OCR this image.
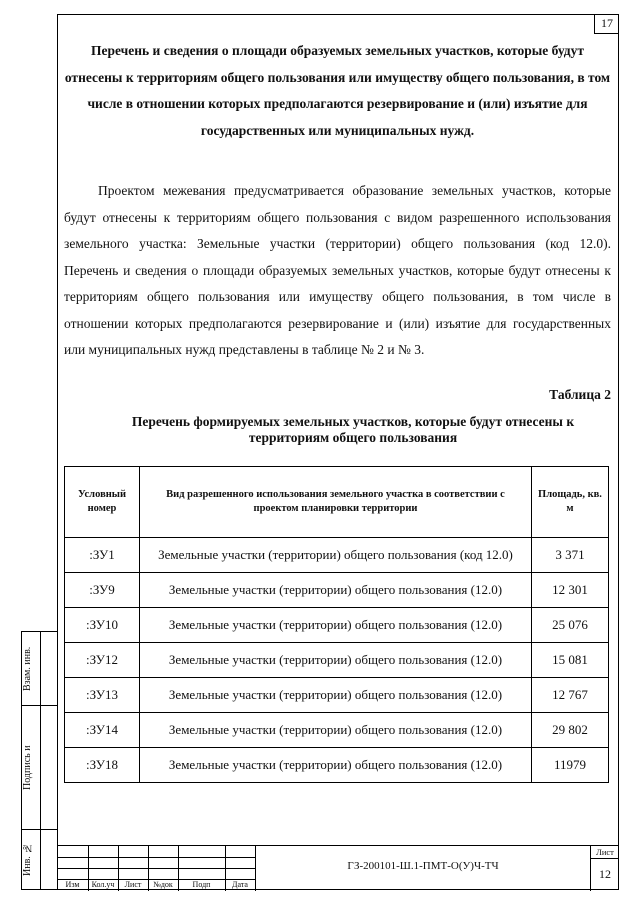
17
Перечень и сведения о площади образуемых земельных участков, которые будут отнесены к территориям общего пользования или имуществу общего пользования, в том числе в отношении которых предполагаются резервирование и (или) изъятие для государственных или муниципальных нужд.
Проектом межевания предусматривается образование земельных участков, которые будут отнесены к территориям общего пользования с видом разрешенного использования земельного участка: Земельные участки (территории) общего пользования (код 12.0). Перечень и сведения о площади образуемых земельных участков, которые будут отнесены к территориям общего пользования или имуществу общего пользования, в том числе в отношении которых предполагаются резервирование и (или) изъятие для государственных или муниципальных нужд представлены в таблице № 2 и № 3.
Таблица 2
Перечень формируемых земельных участков, которые будут отнесены к территориям общего пользования
Условный номер	Вид разрешенного использования земельного участка в соответствии с проектом планировки территории	Площадь, кв. м
:ЗУ1	Земельные участки (территории) общего пользования (код 12.0)	3 371
:ЗУ9	Земельные участки (территории) общего пользования (12.0)	12 301
:ЗУ10	Земельные участки (территории) общего пользования (12.0)	25 076
:ЗУ12	Земельные участки (территории) общего пользования (12.0)	15 081
:ЗУ13	Земельные участки (территории) общего пользования (12.0)	12 767
:ЗУ14	Земельные участки (территории) общего пользования (12.0)	29 802
:ЗУ18	Земельные участки (территории) общего пользования (12.0)	11979
Взам. инв.
Подпись и
Инв. №
Изм	Кол.уч	Лист	№док	Подп	Дата
ГЗ-200101-Ш.1-ПМТ-О(У)Ч-ТЧ
Лист
12
